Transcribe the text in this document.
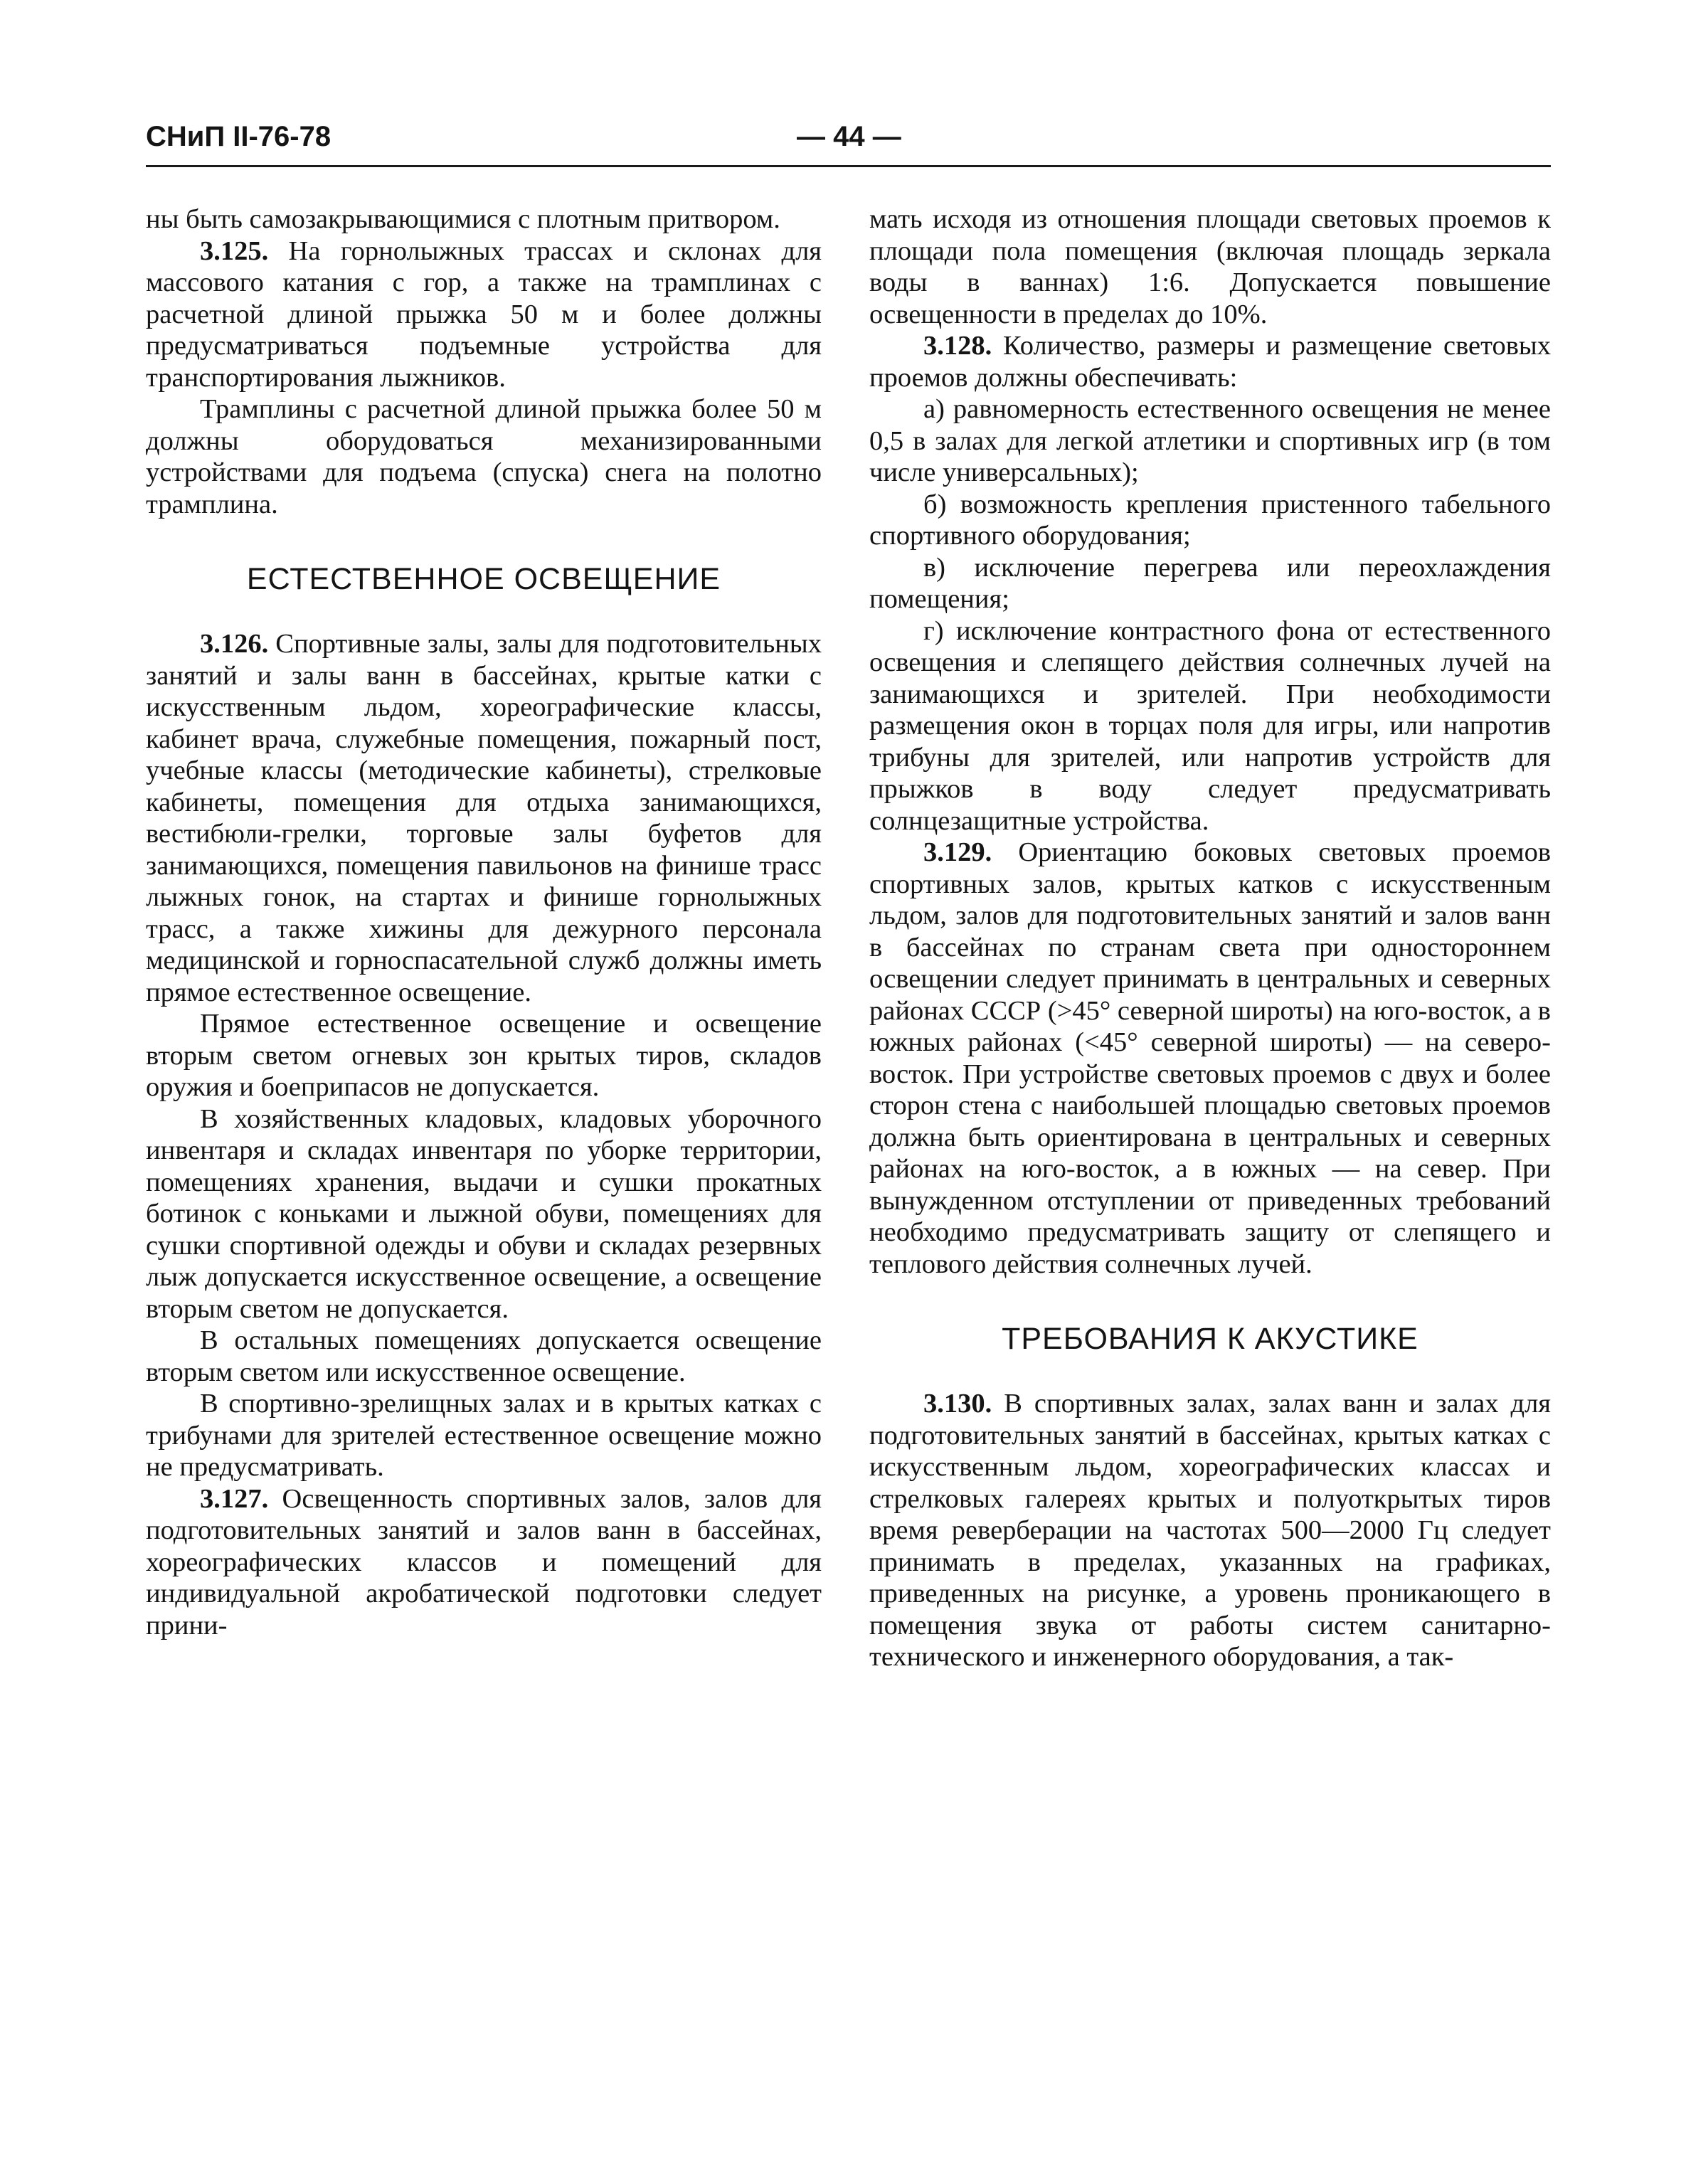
СНиП II-76-78	— 44 —

ны быть самозакрывающимися с плотным притвором.

3.125. На горнолыжных трассах и склонах для массового катания с гор, а также на трамплинах с расчетной длиной прыжка 50 м и более должны предусматриваться подъемные устройства для транспортирования лыжников.

Трамплины с расчетной длиной прыжка более 50 м должны оборудоваться механизированными устройствами для подъема (спуска) снега на полотно трамплина.

ЕСТЕСТВЕННОЕ ОСВЕЩЕНИЕ

3.126. Спортивные залы, залы для подготовительных занятий и залы ванн в бассейнах, крытые катки с искусственным льдом, хореографические классы, кабинет врача, служебные помещения, пожарный пост, учебные классы (методические кабинеты), стрелковые кабинеты, помещения для отдыха занимающихся, вестибюли-грелки, торговые залы буфетов для занимающихся, помещения павильонов на финише трасс лыжных гонок, на стартах и финише горнолыжных трасс, а также хижины для дежурного персонала медицинской и горноспасательной служб должны иметь прямое естественное освещение.

Прямое естественное освещение и освещение вторым светом огневых зон крытых тиров, складов оружия и боеприпасов не допускается.

В хозяйственных кладовых, кладовых уборочного инвентаря и складах инвентаря по уборке территории, помещениях хранения, выдачи и сушки прокатных ботинок с коньками и лыжной обуви, помещениях для сушки спортивной одежды и обуви и складах резервных лыж допускается искусственное освещение, а освещение вторым светом не допускается.

В остальных помещениях допускается освещение вторым светом или искусственное освещение.

В спортивно-зрелищных залах и в крытых катках с трибунами для зрителей естественное освещение можно не предусматривать.

3.127. Освещенность спортивных залов, залов для подготовительных занятий и залов ванн в бассейнах, хореографических классов и помещений для индивидуальной акробатической подготовки следует прини-

мать исходя из отношения площади световых проемов к площади пола помещения (включая площадь зеркала воды в ваннах) 1:6. Допускается повышение освещенности в пределах до 10%.

3.128. Количество, размеры и размещение световых проемов должны обеспечивать:

а) равномерность естественного освещения не менее 0,5 в залах для легкой атлетики и спортивных игр (в том числе универсальных);

б) возможность крепления пристенного табельного спортивного оборудования;

в) исключение перегрева или переохлаждения помещения;

г) исключение контрастного фона от естественного освещения и слепящего действия солнечных лучей на занимающихся и зрителей. При необходимости размещения окон в торцах поля для игры, или напротив трибуны для зрителей, или напротив устройств для прыжков в воду следует предусматривать солнцезащитные устройства.

3.129. Ориентацию боковых световых проемов спортивных залов, крытых катков с искусственным льдом, залов для подготовительных занятий и залов ванн в бассейнах по странам света при одностороннем освещении следует принимать в центральных и северных районах СССР (>45° северной широты) на юго-восток, а в южных районах (<45° северной широты) — на северо-восток. При устройстве световых проемов с двух и более сторон стена с наибольшей площадью световых проемов должна быть ориентирована в центральных и северных районах на юго-восток, а в южных — на север. При вынужденном отступлении от приведенных требований необходимо предусматривать защиту от слепящего и теплового действия солнечных лучей.

ТРЕБОВАНИЯ К АКУСТИКЕ

3.130. В спортивных залах, залах ванн и залах для подготовительных занятий в бассейнах, крытых катках с искусственным льдом, хореографических классах и стрелковых галереях крытых и полуоткрытых тиров время реверберации на частотах 500—2000 Гц следует принимать в пределах, указанных на графиках, приведенных на рисунке, а уровень проникающего в помещения звука от работы систем санитарно-технического и инженерного оборудования, а так-
